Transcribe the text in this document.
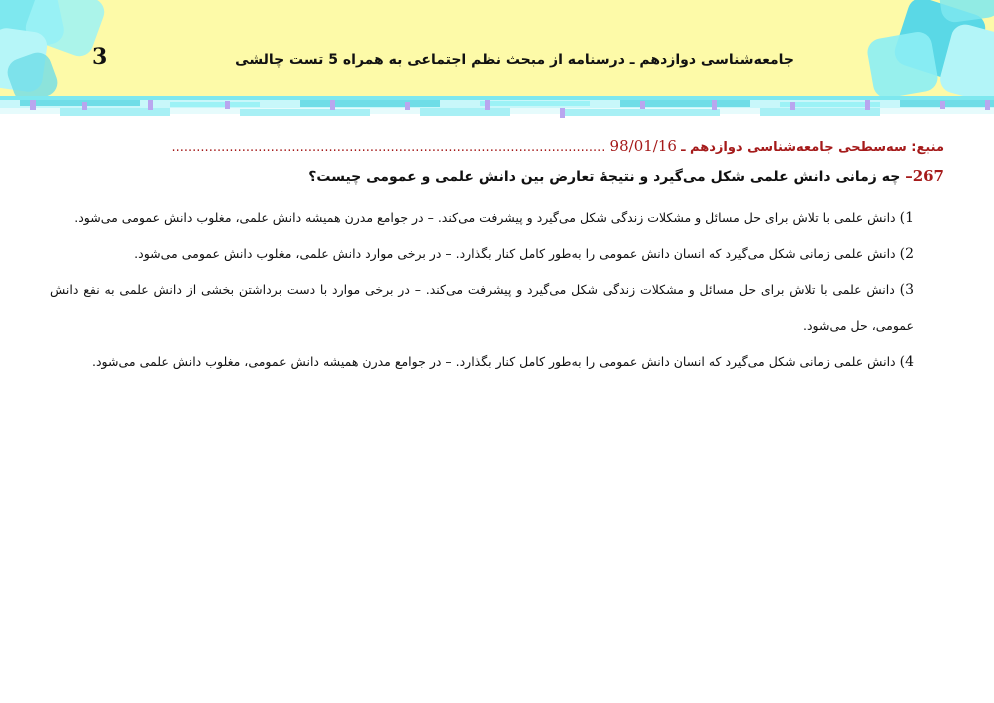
3	جامعه‌شناسی دوازدهم ـ درسنامه از مبحث نظم اجتماعی به همراه 5 تست چالشی
منبع: سه‌سطحی جامعه‌شناسی دوازدهم ـ 98/01/16 .........................................................................................................
267– چه زمانی دانش علمی شکل می‌گیرد و نتیجهٔ تعارض بین دانش علمی و عمومی چیست؟

1) دانش علمی با تلاش برای حل مسائل و مشکلات زندگی شکل می‌گیرد و پیشرفت می‌کند. – در جوامع مدرن همیشه دانش علمی، مغلوب دانش عمومی می‌شود.

2) دانش علمی زمانی شکل می‌گیرد که انسان دانش عمومی را به‌طور کامل کنار بگذارد. – در برخی موارد دانش علمی، مغلوب دانش عمومی می‌شود.

3) دانش علمی با تلاش برای حل مسائل و مشکلات زندگی شکل می‌گیرد و پیشرفت می‌کند. – در برخی موارد با دست برداشتن بخشی از دانش علمی به نفع دانش عمومی، حل می‌شود.

4) دانش علمی زمانی شکل می‌گیرد که انسان دانش عمومی را به‌طور کامل کنار بگذارد. – در جوامع مدرن همیشه دانش عمومی، مغلوب دانش علمی می‌شود.
